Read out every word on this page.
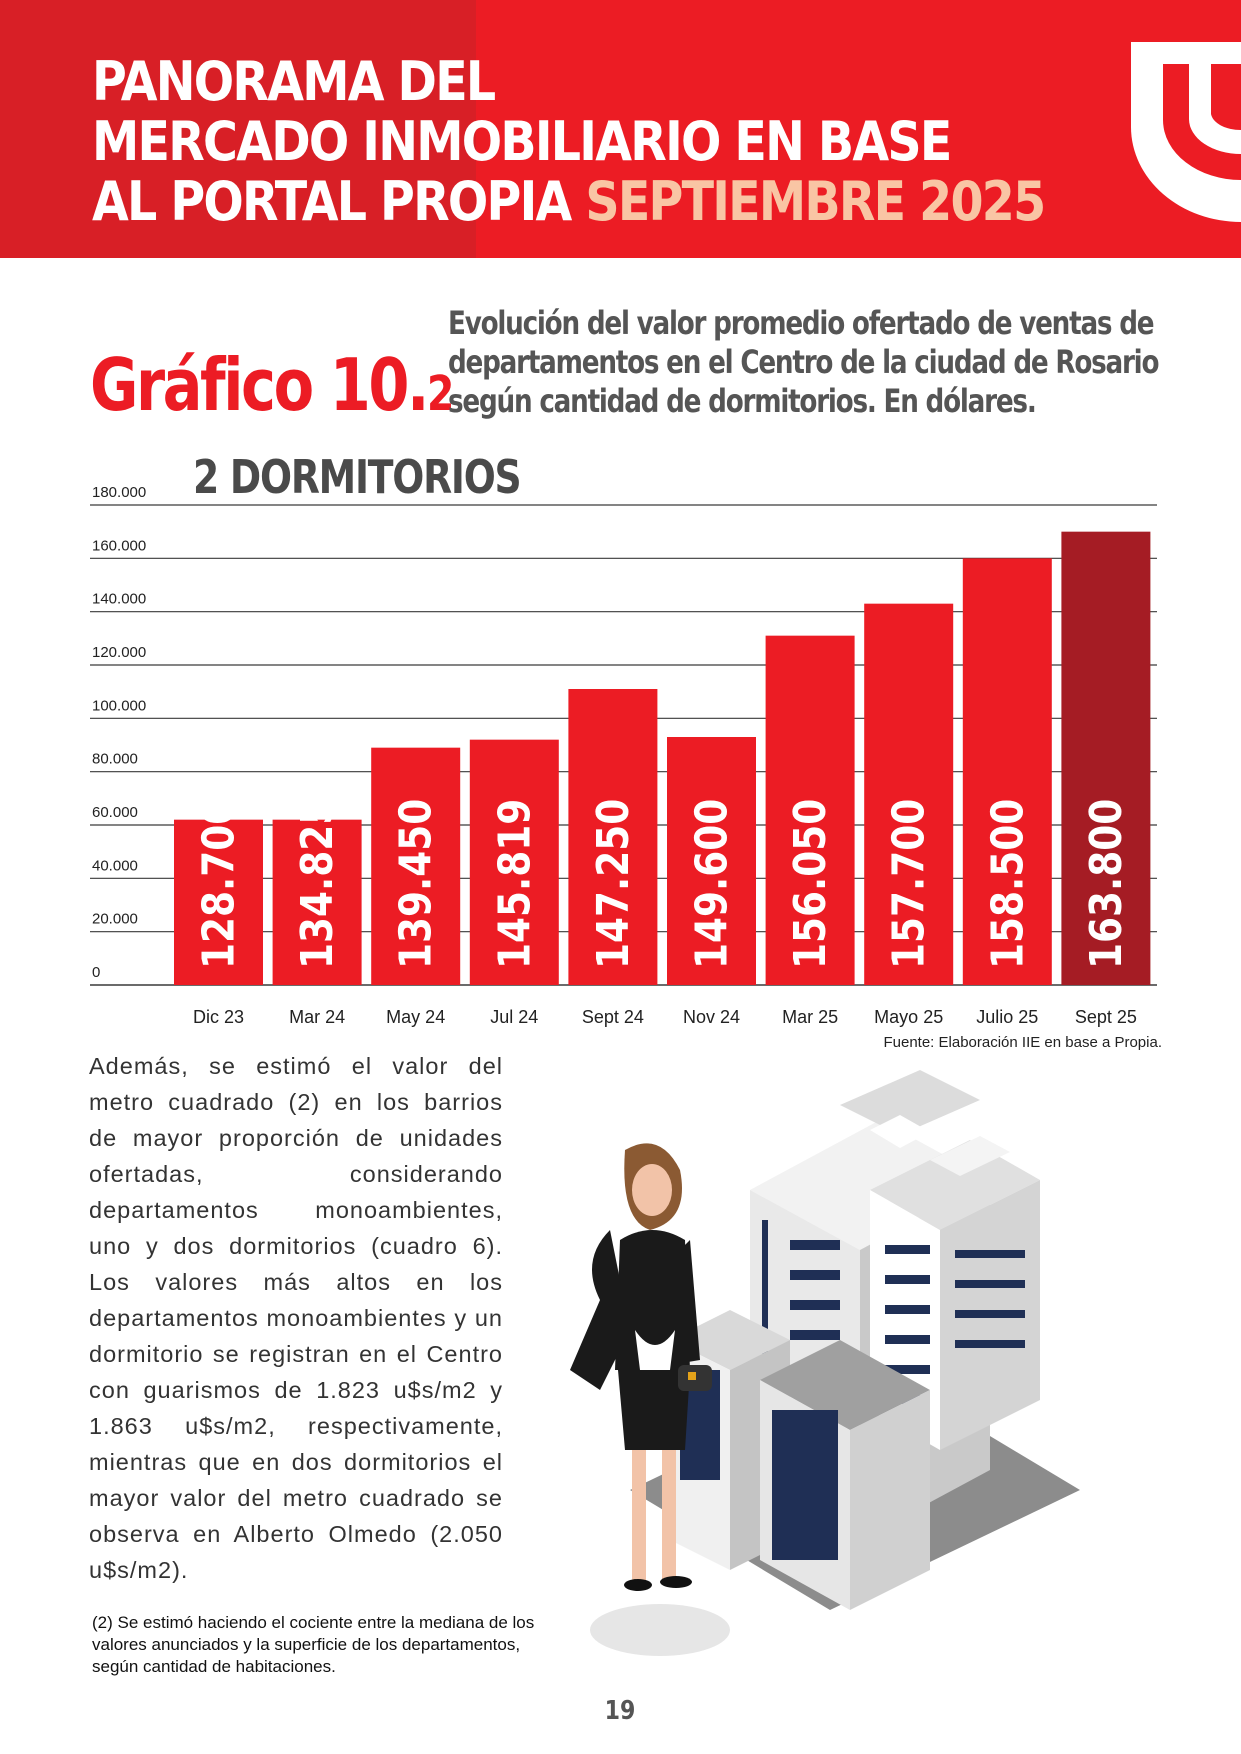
PANORAMA DEL
MERCADO INMOBILIARIO EN BASE
AL PORTAL PROPIA SEPTIEMBRE 2025
Gráfico 10.2
Evolución del valor promedio ofertado de ventas de departamentos en el Centro de la ciudad de Rosario según cantidad de dormitorios. En dólares.
2 DORMITORIOS
0
20.000
40.000
60.000
80.000
100.000
120.000
140.000
160.000
180.000
128.700
Dic 23
134.825
Mar 24
139.450
May 24
145.819
Jul 24
147.250
Sept 24
149.600
Nov 24
156.050
Mar 25
157.700
Mayo 25
158.500
Julio 25
163.800
Sept 25
Fuente: Elaboración IIE en base a Propia.
Además, se estimó el valor del metro cuadrado (2) en los barrios de mayor proporción de unidades ofertadas, considerando departamentos monoambientes, uno y dos dormitorios (cuadro 6). Los valores más altos en los departamentos monoambientes y un dormitorio se registran en el Centro con guarismos de 1.823 u$s/m2 y 1.863 u$s/m2, respectivamente, mientras que en dos dormitorios el mayor valor del metro cuadrado se observa en Alberto Olmedo (2.050 u$s/m2).
(2) Se estimó haciendo el cociente entre la mediana de los valores anunciados y la superficie de los departamentos, según cantidad de habitaciones.
19
